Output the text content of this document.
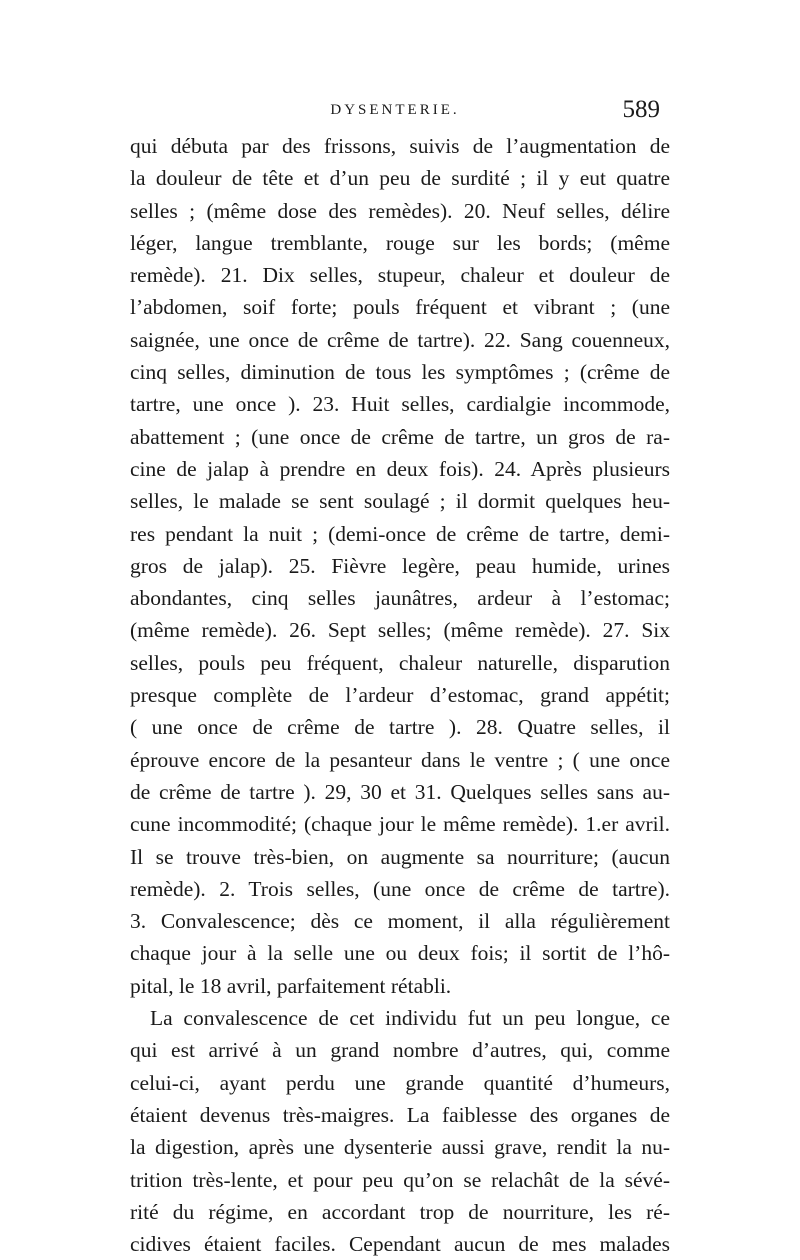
DYSENTERIE.	589
qui débuta par des frissons, suivis de l’augmentation de
la douleur de tête et d’un peu de surdité ; il y eut quatre
selles ; (même dose des remèdes). 20. Neuf selles, délire
léger, langue tremblante, rouge sur les bords; (même
remède). 21. Dix selles, stupeur, chaleur et douleur de
l’abdomen, soif forte; pouls fréquent et vibrant ; (une
saignée, une once de crême de tartre). 22. Sang couenneux,
cinq selles, diminution de tous les symptômes ; (crême de
tartre, une once ). 23. Huit selles, cardialgie incommode,
abattement ; (une once de crême de tartre, un gros de ra-
cine de jalap à prendre en deux fois). 24. Après plusieurs
selles, le malade se sent soulagé ; il dormit quelques heu-
res pendant la nuit ; (demi-once de crême de tartre, demi-
gros de jalap). 25. Fièvre legère, peau humide, urines
abondantes, cinq selles jaunâtres, ardeur à l’estomac;
(même remède). 26. Sept selles; (même remède). 27. Six
selles, pouls peu fréquent, chaleur naturelle, disparution
presque complète de l’ardeur d’estomac, grand appétit;
( une once de crême de tartre ). 28. Quatre selles, il
éprouve encore de la pesanteur dans le ventre ; ( une once
de crême de tartre ). 29, 30 et 31. Quelques selles sans au-
cune incommodité; (chaque jour le même remède). 1.er avril.
Il se trouve très-bien, on augmente sa nourriture; (aucun
remède). 2. Trois selles, (une once de crême de tartre).
3. Convalescence; dès ce moment, il alla régulièrement
chaque jour à la selle une ou deux fois; il sortit de l’hô-
pital, le 18 avril, parfaitement rétabli.
La convalescence de cet individu fut un peu longue, ce
qui est arrivé à un grand nombre d’autres, qui, comme
celui-ci, ayant perdu une grande quantité d’humeurs,
étaient devenus très-maigres. La faiblesse des organes de
la digestion, après une dysenterie aussi grave, rendit la nu-
trition très-lente, et pour peu qu’on se relachât de la sévé-
rité du régime, en accordant trop de nourriture, les ré-
cidives étaient faciles. Cependant aucun de mes malades
